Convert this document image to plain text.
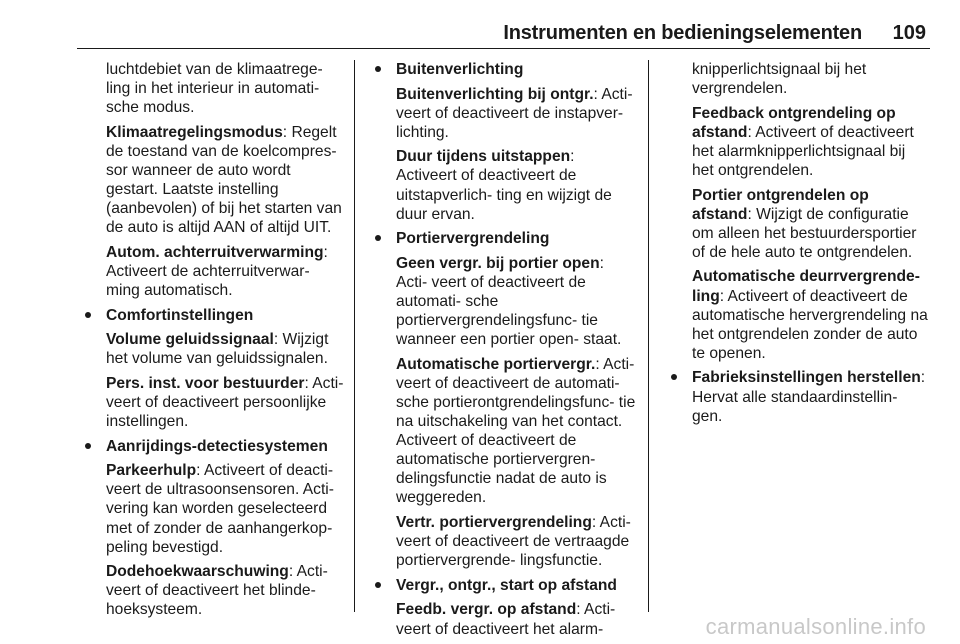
Instrumenten en bedieningselementen 109

luchtdebiet van de klimaatrege- ling in het interieur in automati- sche modus.

Klimaatregelingsmodus: Regelt de toestand van de koelcompres- sor wanneer de auto wordt gestart. Laatste instelling (aanbevolen) of bij het starten van de auto is altijd AAN of altijd UIT.

Autom. achterruitverwarming: Activeert de achterruitverwar- ming automatisch.

Comfortinstellingen

Volume geluidssignaal: Wijzigt het volume van geluidssignalen.

Pers. inst. voor bestuurder: Acti- veert of deactiveert persoonlijke instellingen.

Aanrijdings-detectiesystemen

Parkeerhulp: Activeert of deacti- veert de ultrasoonsensoren. Acti- vering kan worden geselecteerd met of zonder de aanhangerkop- peling bevestigd.

Dodehoekwaarschuwing: Acti- veert of deactiveert het blinde- hoeksysteem.

Buitenverlichting

Buitenverlichting bij ontgr.: Acti- veert of deactiveert de instapver- lichting.

Duur tijdens uitstappen: Activeert of deactiveert de uitstapverlich- ting en wijzigt de duur ervan.

Portiervergrendeling

Geen vergr. bij portier open: Acti- veert of deactiveert de automati- sche portiervergrendelingsfunc- tie wanneer een portier open- staat.

Automatische portiervergr.: Acti- veert of deactiveert de automati- sche portierontgrendelingsfunc- tie na uitschakeling van het contact. Activeert of deactiveert de automatische portiervergren- delingsfunctie nadat de auto is weggereden.

Vertr. portiervergrendeling: Acti- veert of deactiveert de vertraagde portiervergrende- lingsfunctie.

Vergr., ontgr., start op afstand

Feedb. vergr. op afstand: Acti- veert of deactiveert het alarm-

knipperlichtsignaal bij het vergrendelen.

Feedback ontgrendeling op afstand: Activeert of deactiveert het alarmknipperlichtsignaal bij het ontgrendelen.

Portier ontgrendelen op afstand: Wijzigt de configuratie om alleen het bestuurdersportier of de hele auto te ontgrendelen.

Automatische deurrvergrende- ling: Activeert of deactiveert de automatische hervergrendeling na het ontgrendelen zonder de auto te openen.

Fabrieksinstellingen herstellen: Hervat alle standaardinstellin- gen.
carmanualsonline.info
